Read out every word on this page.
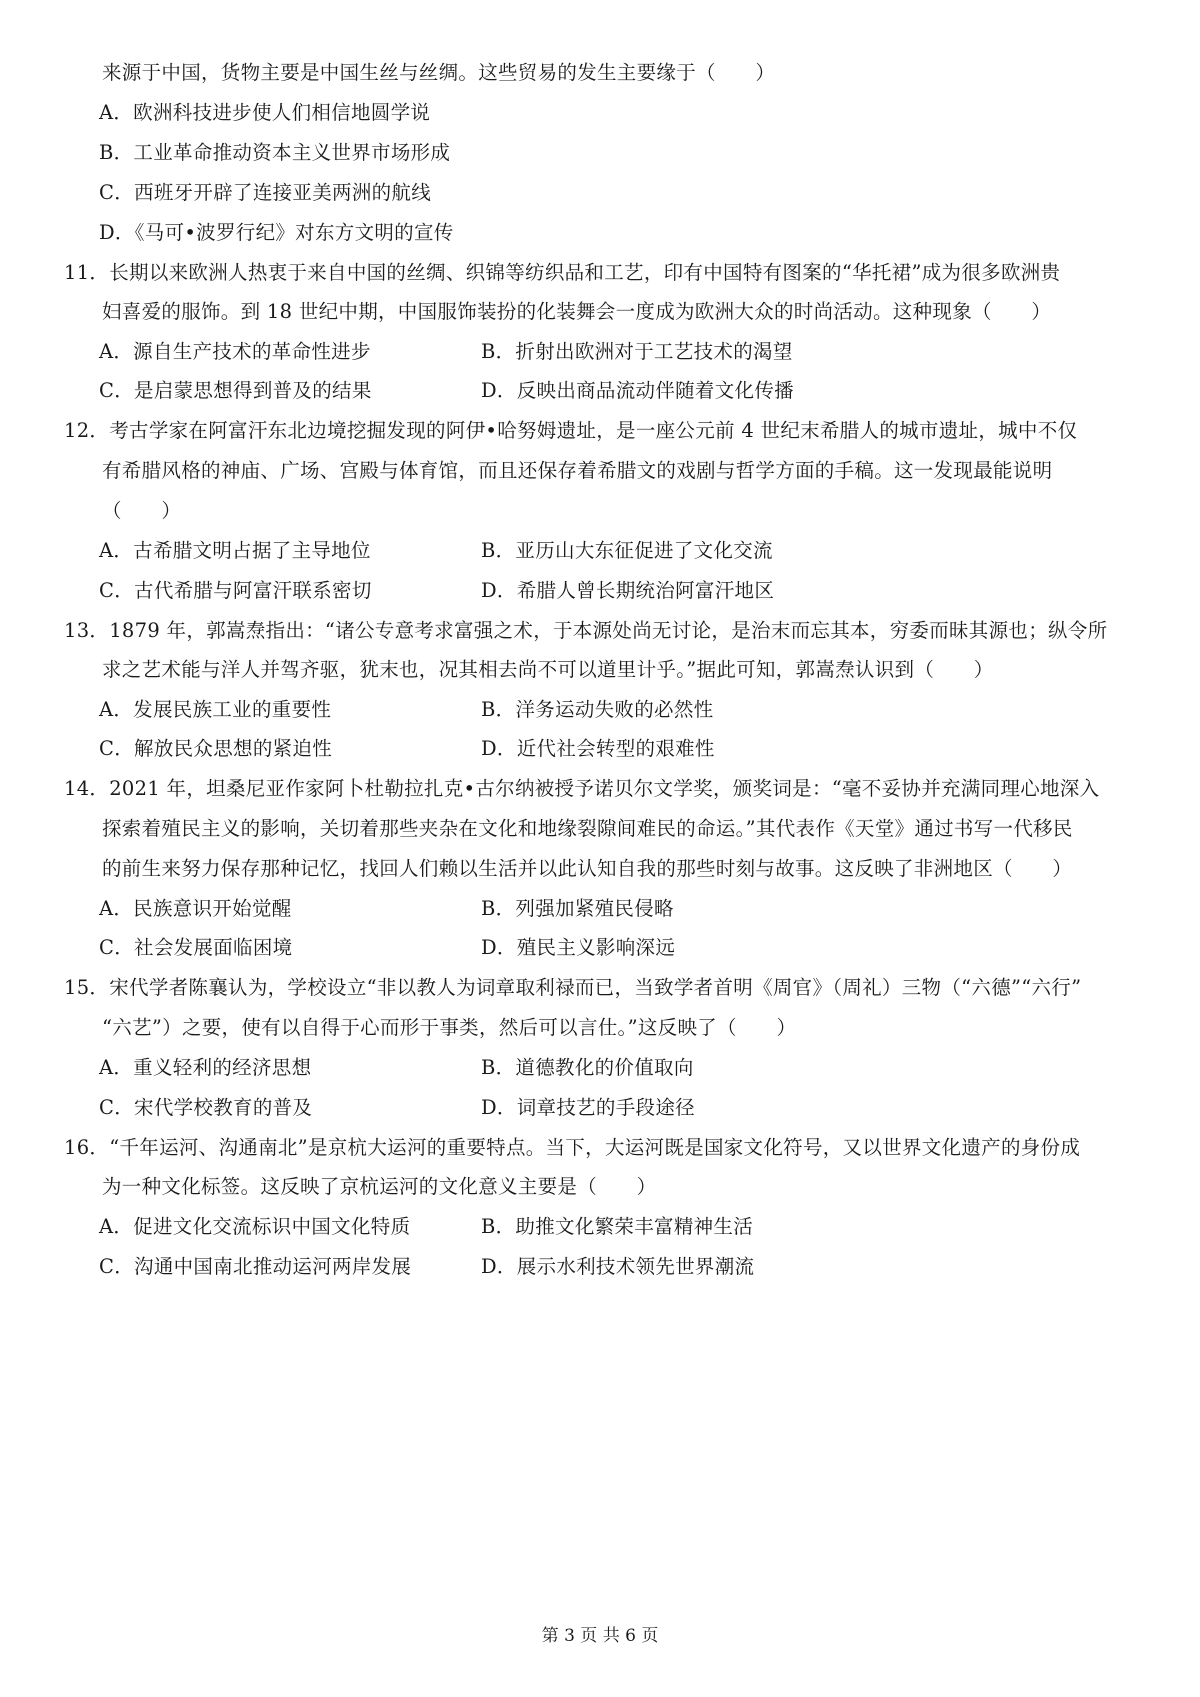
来源于中国，货物主要是中国生丝与丝绸。这些贸易的发生主要缘于（　　）
A．欧洲科技进步使人们相信地圆学说
B．工业革命推动资本主义世界市场形成
C．西班牙开辟了连接亚美两洲的航线
D．《马可•波罗行纪》对东方文明的宣传
11．长期以来欧洲人热衷于来自中国的丝绸、织锦等纺织品和工艺，印有中国特有图案的“华托裙”成为很多欧洲贵
妇喜爱的服饰。到 18 世纪中期，中国服饰装扮的化装舞会一度成为欧洲大众的时尚活动。这种现象（　　）
A．源自生产技术的革命性进步	B．折射出欧洲对于工艺技术的渴望
C．是启蒙思想得到普及的结果	D．反映出商品流动伴随着文化传播
12．考古学家在阿富汗东北边境挖掘发现的阿伊•哈努姆遗址，是一座公元前 4 世纪末希腊人的城市遗址，城中不仅
有希腊风格的神庙、广场、宫殿与体育馆，而且还保存着希腊文的戏剧与哲学方面的手稿。这一发现最能说明
（　　）
A．古希腊文明占据了主导地位	B．亚历山大东征促进了文化交流
C．古代希腊与阿富汗联系密切	D．希腊人曾长期统治阿富汗地区
13．1879 年，郭嵩焘指出：“诸公专意考求富强之术，于本源处尚无讨论，是治末而忘其本，穷委而昧其源也；纵令所
求之艺术能与洋人并驾齐驱，犹末也，况其相去尚不可以道里计乎。”据此可知，郭嵩焘认识到（　　）
A．发展民族工业的重要性	B．洋务运动失败的必然性
C．解放民众思想的紧迫性	D．近代社会转型的艰难性
14．2021 年，坦桑尼亚作家阿卜杜勒拉扎克•古尔纳被授予诺贝尔文学奖，颁奖词是：“毫不妥协并充满同理心地深入
探索着殖民主义的影响，关切着那些夹杂在文化和地缘裂隙间难民的命运。”其代表作《天堂》通过书写一代移民
的前生来努力保存那种记忆，找回人们赖以生活并以此认知自我的那些时刻与故事。这反映了非洲地区（　　）
A．民族意识开始觉醒	B．列强加紧殖民侵略
C．社会发展面临困境	D．殖民主义影响深远
15．宋代学者陈襄认为，学校设立“非以教人为词章取利禄而已，当致学者首明《周官》（周礼）三物（“六德”“六行”
“六艺”）之要，使有以自得于心而形于事类，然后可以言仕。”这反映了（　　）
A．重义轻利的经济思想	B．道德教化的价值取向
C．宋代学校教育的普及	D．词章技艺的手段途径
16．“千年运河、沟通南北”是京杭大运河的重要特点。当下，大运河既是国家文化符号，又以世界文化遗产的身份成
为一种文化标签。这反映了京杭运河的文化意义主要是（　　）
A．促进文化交流标识中国文化特质	B．助推文化繁荣丰富精神生活
C．沟通中国南北推动运河两岸发展	D．展示水利技术领先世界潮流
第 3 页 共 6 页
